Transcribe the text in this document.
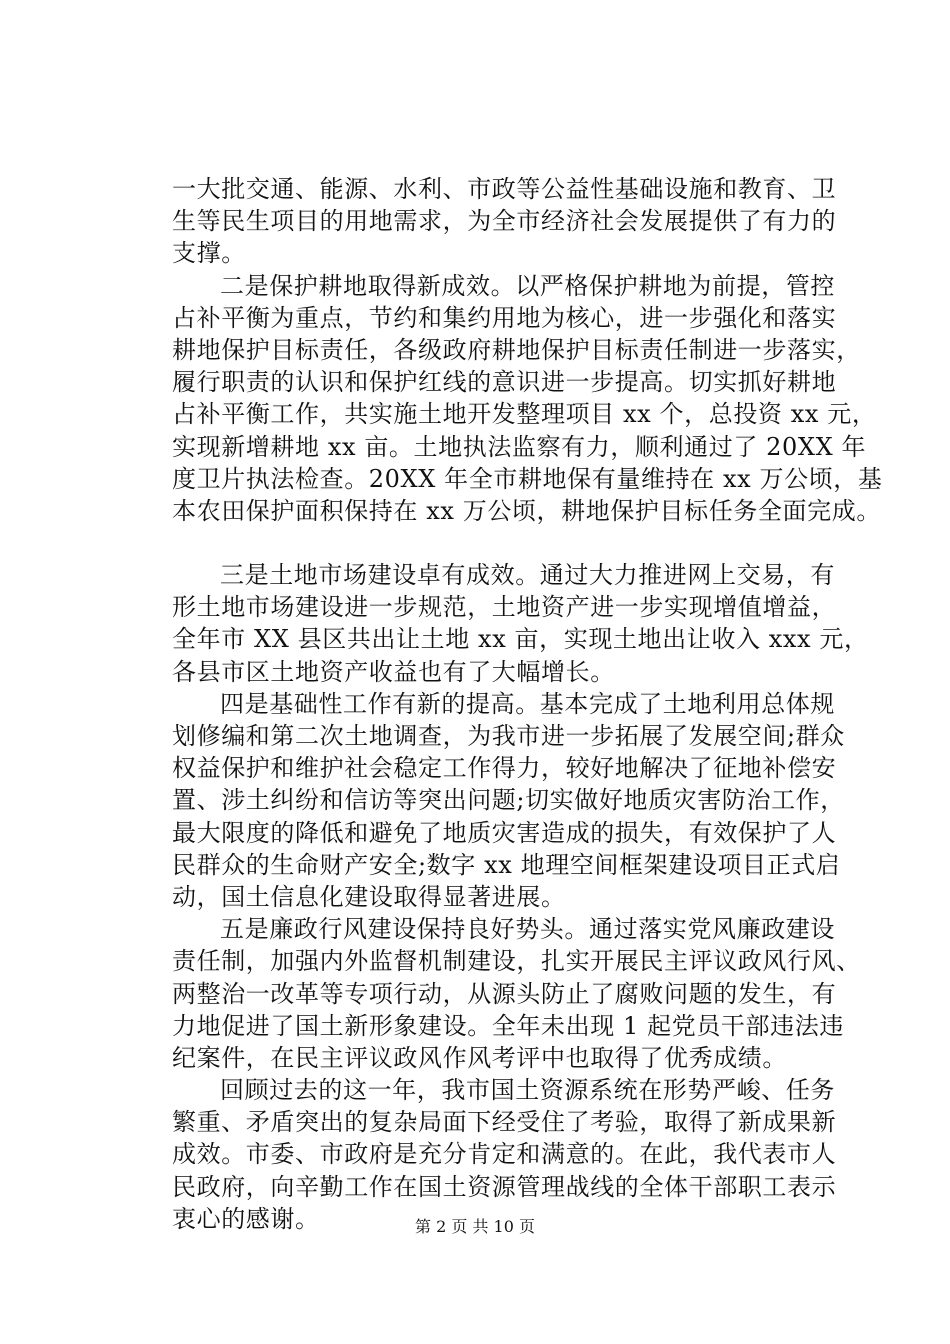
一大批交通、能源、水利、市政等公益性基础设施和教育、卫
生等民生项目的用地需求，为全市经济社会发展提供了有力的
支撑。
二是保护耕地取得新成效。以严格保护耕地为前提，管控
占补平衡为重点，节约和集约用地为核心，进一步强化和落实
耕地保护目标责任，各级政府耕地保护目标责任制进一步落实，
履行职责的认识和保护红线的意识进一步提高。切实抓好耕地
占补平衡工作，共实施土地开发整理项目 xx 个，总投资 xx 元，
实现新增耕地 xx 亩。土地执法监察有力，顺利通过了 20XX 年
度卫片执法检查。20XX 年全市耕地保有量维持在 xx 万公顷，基
本农田保护面积保持在 xx 万公顷，耕地保护目标任务全面完成。
三是土地市场建设卓有成效。通过大力推进网上交易，有
形土地市场建设进一步规范，土地资产进一步实现增值增益，
全年市 XX 县区共出让土地 xx 亩，实现土地出让收入 xxx 元，
各县市区土地资产收益也有了大幅增长。
四是基础性工作有新的提高。基本完成了土地利用总体规
划修编和第二次土地调查，为我市进一步拓展了发展空间;群众
权益保护和维护社会稳定工作得力，较好地解决了征地补偿安
置、涉土纠纷和信访等突出问题;切实做好地质灾害防治工作，
最大限度的降低和避免了地质灾害造成的损失，有效保护了人
民群众的生命财产安全;数字 xx 地理空间框架建设项目正式启
动，国土信息化建设取得显著进展。
五是廉政行风建设保持良好势头。通过落实党风廉政建设
责任制，加强内外监督机制建设，扎实开展民主评议政风行风、
两整治一改革等专项行动，从源头防止了腐败问题的发生，有
力地促进了国土新形象建设。全年未出现 1 起党员干部违法违
纪案件，在民主评议政风作风考评中也取得了优秀成绩。
回顾过去的这一年，我市国土资源系统在形势严峻、任务
繁重、矛盾突出的复杂局面下经受住了考验，取得了新成果新
成效。市委、市政府是充分肯定和满意的。在此，我代表市人
民政府，向辛勤工作在国土资源管理战线的全体干部职工表示
衷心的感谢。	第 2 页 共 10 页
